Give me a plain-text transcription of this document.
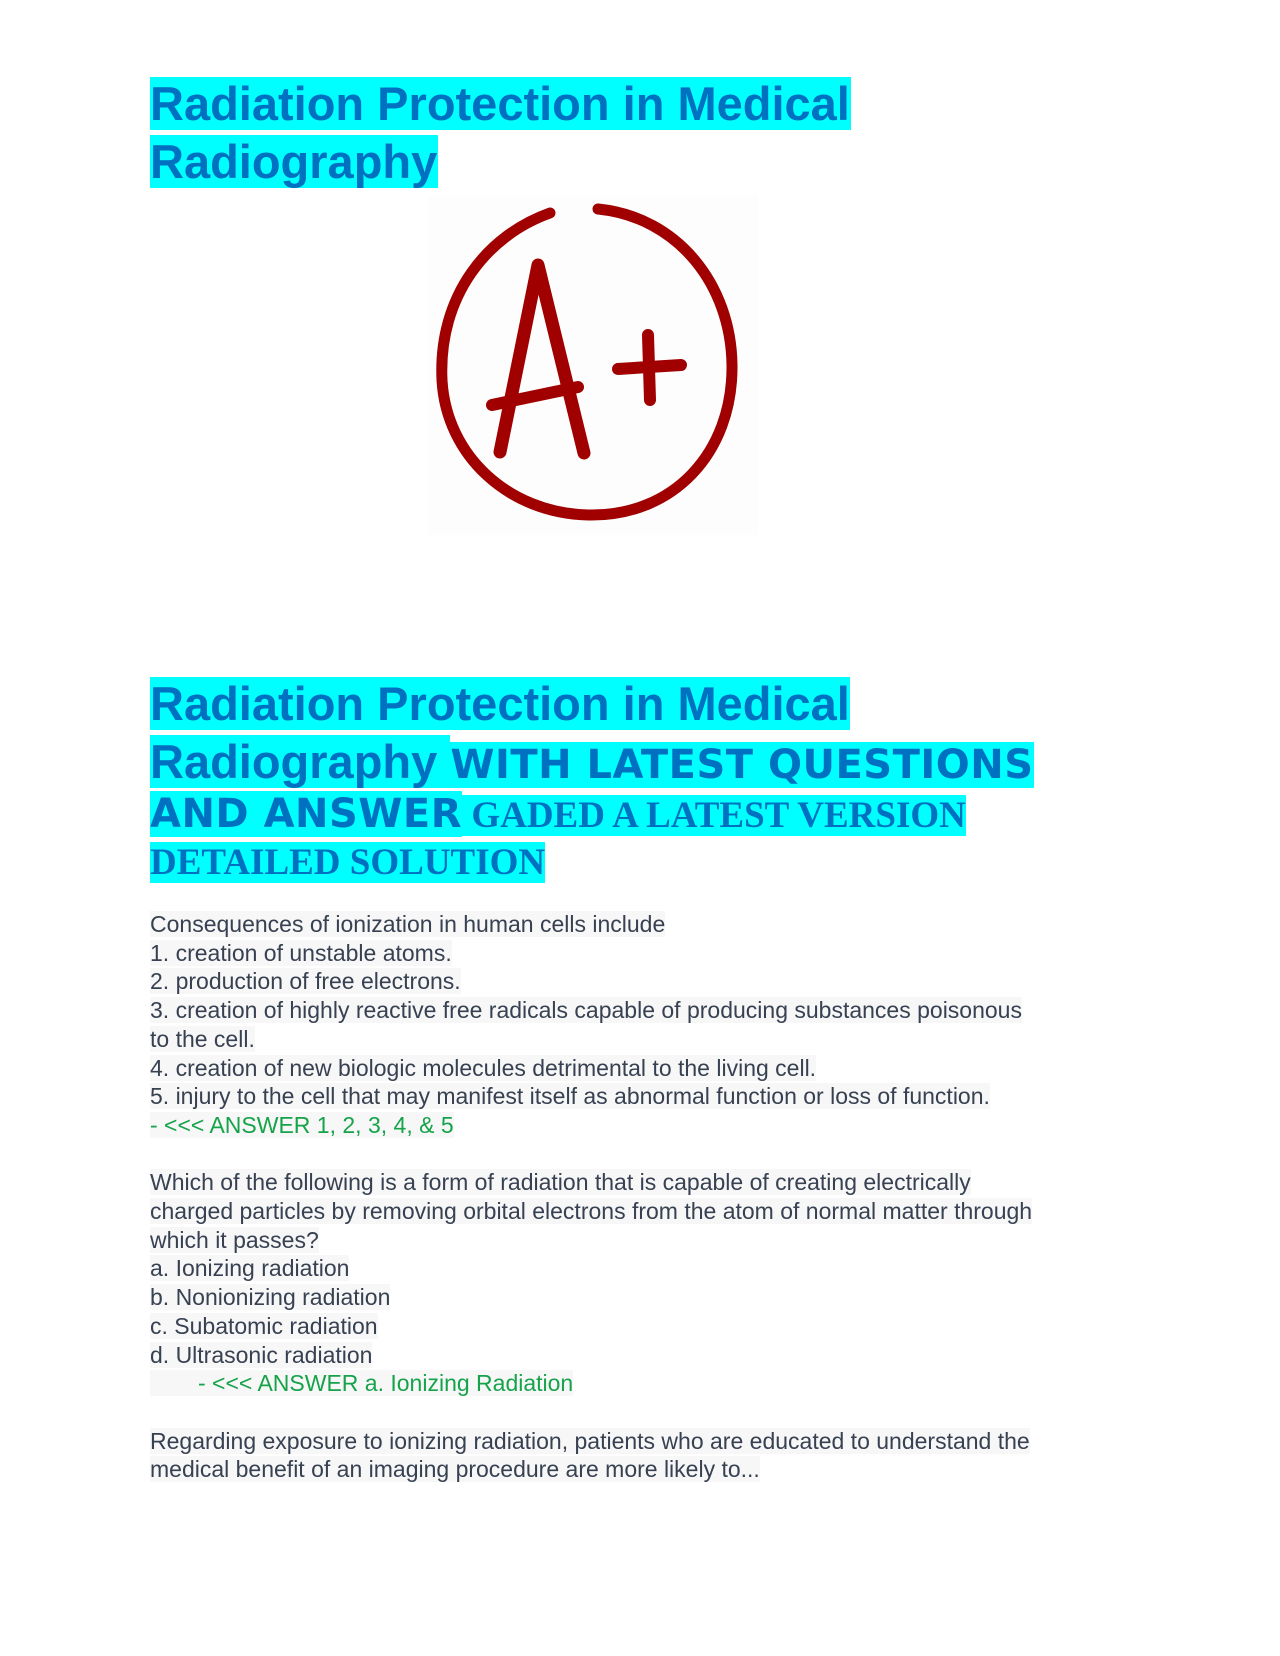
Radiation Protection in Medical
Radiography
Radiation Protection in Medical
Radiography WITH LATEST QUESTIONS
AND ANSWER GADED A LATEST VERSION
DETAILED SOLUTION
Consequences of ionization in human cells include
1. creation of unstable atoms.
2. production of free electrons.
3. creation of highly reactive free radicals capable of producing substances poisonous
to the cell.
4. creation of new biologic molecules detrimental to the living cell.
5. injury to the cell that may manifest itself as abnormal function or loss of function.
- <<< ANSWER 1, 2, 3, 4, & 5
Which of the following is a form of radiation that is capable of creating electrically
charged particles by removing orbital electrons from the atom of normal matter through
which it passes?
a. Ionizing radiation
b. Nonionizing radiation
c. Subatomic radiation
d. Ultrasonic radiation
- <<< ANSWER a. Ionizing Radiation
Regarding exposure to ionizing radiation, patients who are educated to understand the
medical benefit of an imaging procedure are more likely to...
